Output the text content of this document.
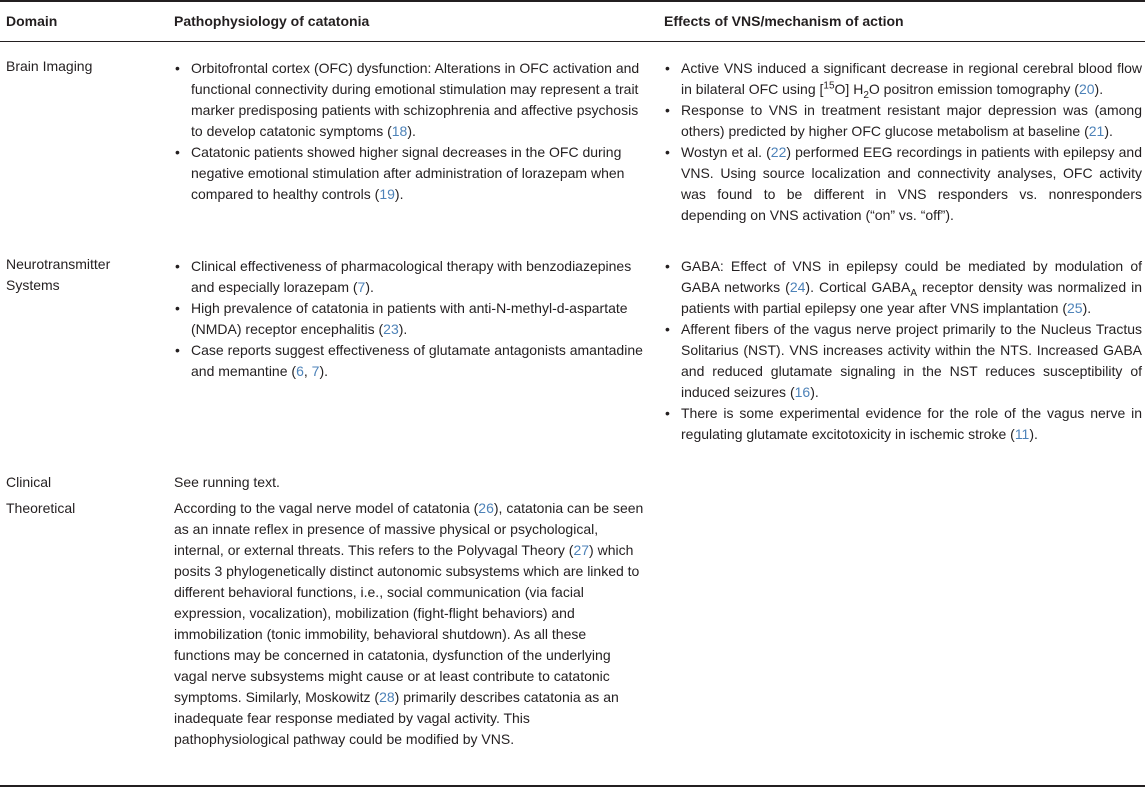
Domain	Pathophysiology of catatonia	Effects of VNS/mechanism of action
Brain Imaging
•	Orbitofrontal cortex (OFC) dysfunction: Alterations in OFC activation and functional connectivity during emotional stimulation may represent a trait marker predisposing patients with schizophrenia and affective psychosis to develop catatonic symptoms (18).
• Catatonic patients showed higher signal decreases in the OFC during negative emotional stimulation after administration of lorazepam when compared to healthy controls (19).
• Active VNS induced a significant decrease in regional cerebral blood flow in bilateral OFC using [$^{15}$O] $H_2O$ positron emission tomography (20).
• Response to VNS in treatment resistant major depression was (among others) predicted by higher OFC glucose metabolism at baseline (21).
• Wostyn et al. (22) performed EEG recordings in patients with epilepsy and VNS. Using source localization and connectivity analyses, OFC activity was found to be different in VNS responders vs. nonresponders depending on VNS activation (“on” vs. “off”).
Neurotransmitter Systems
• Clinical effectiveness of pharmacological therapy with benzodiazepines and especially lorazepam (7).
• High prevalence of catatonia in patients with anti-N-methyl-d-aspartate (NMDA) receptor encephalitis (23).
• Case reports suggest effectiveness of glutamate antagonists amantadine and memantine (6, 7).
• GABA: Effect of VNS in epilepsy could be mediated by modulation of GABA networks (24). Cortical $GABA_A$ receptor density was normalized in patients with partial epilepsy one year after VNS implantation (25).
• Afferent fibers of the vagus nerve project primarily to the Nucleus Tractus Solitarius (NST). VNS increases activity within the NTS. Increased GABA and reduced glutamate signaling in the NST reduces susceptibility of induced seizures (16).
• There is some experimental evidence for the role of the vagus nerve in regulating glutamate excitotoxicity in ischemic stroke (11).
Clinical	See running text.
Theoretical	According to the vagal nerve model of catatonia (26), catatonia can be seen as an innate reflex in presence of massive physical or psychological, internal, or external threats. This refers to the Polyvagal Theory (27) which posits 3 phylogenetically distinct autonomic subsystems which are linked to different behavioral functions, i.e., social communication (via facial expression, vocalization), mobilization (fight-flight behaviors) and immobilization (tonic immobility, behavioral shutdown). As all these functions may be concerned in catatonia, dysfunction of the underlying vagal nerve subsystems might cause or at least contribute to catatonic symptoms. Similarly, Moskowitz (28) primarily describes catatonia as an inadequate fear response mediated by vagal activity. This pathophysiological pathway could be modified by VNS.
